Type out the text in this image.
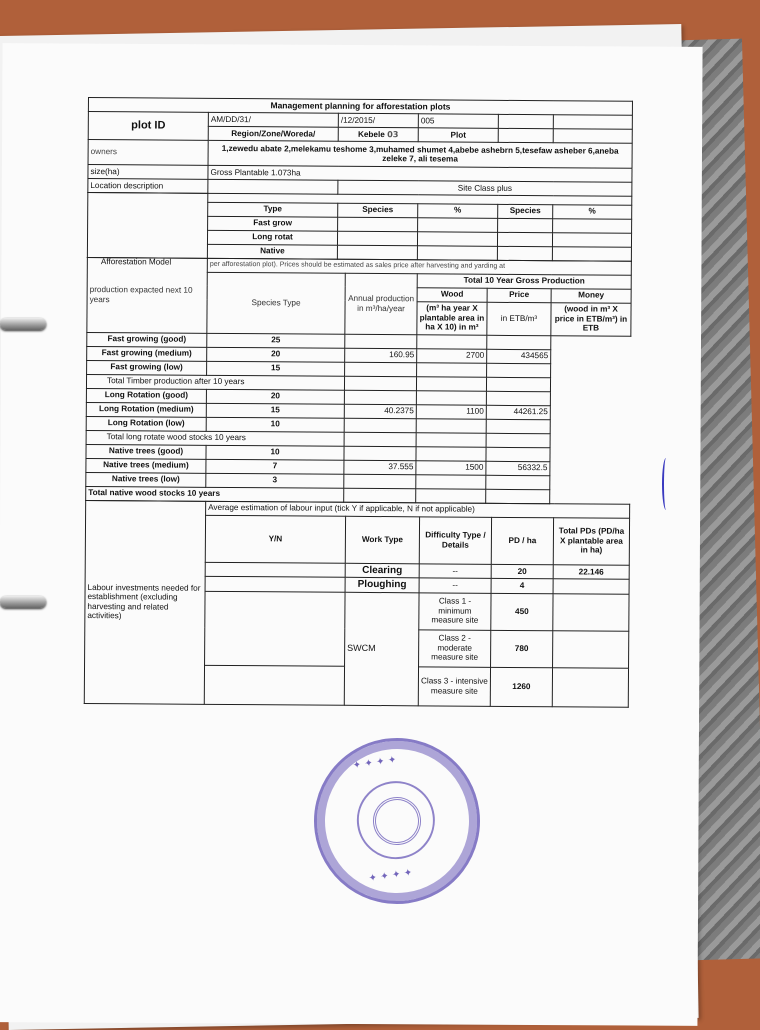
Management planning for afforestation plots					
plot ID	AM/DD/31/	/12/2015/	005		
	Region/Zone/Woreda/	Kebele 03	Plot		
owners	1,zewedu abate 2,melekamu teshome 3,muhamed shumet 4,abebe ashebrn 5,tesefaw asheber 6,aneba zeleke 7, ali tesema				
size(ha)	Gross Plantable 1.073ha				
Location description		Site Class plus			

	Type	Species	%	Species	%
	Fast grow				
	Long rotat				
	Native				
Afforestation Model
production expacted next 10 years	per afforestation plot). Prices should be estimated as sales price after harvesting and yarding at				
	Species Type	Annual production in m³/ha/year	Total 10 Year Gross Production		
			Wood	Price	Money
			(m³ ha year X plantable area in ha X 10) in m³	in ETB/m³	(wood in m³ X price in ETB/m³) in ETB
Fast growing (good)	25				
Fast growing (medium)	20	160.95	2700	434565	
Fast growing (low)	15				
Total Timber production after 10 years					
Long Rotation (good)	20				
Long Rotation (medium)	15	40.2375	1100	44261.25	
Long Rotation (low)	10				
Total long rotate wood stocks 10 years					
Native trees (good)	10				
Native trees (medium)	7	37.555	1500	56332.5	
Native trees (low)	3				
Total native wood stocks 10 years					
Labour investments needed for establishment (excluding harvesting and related activities)	Average estimation of labour input (tick Y if applicable, N if not applicable)				
	Y/N	Work Type	Difficulty Type / Details	PD / ha	Total PDs (PD/ha X plantable area in ha)
		Clearing	--	20	22.146
		Ploughing	--	4	
		SWCM	Class 1 - minimum measure site	450	
			Class 2 - moderate measure site	780	
			Class 3 - intensive measure site	1260	
✦ ✦ ✦ ✦
✦ ✦ ✦ ✦
